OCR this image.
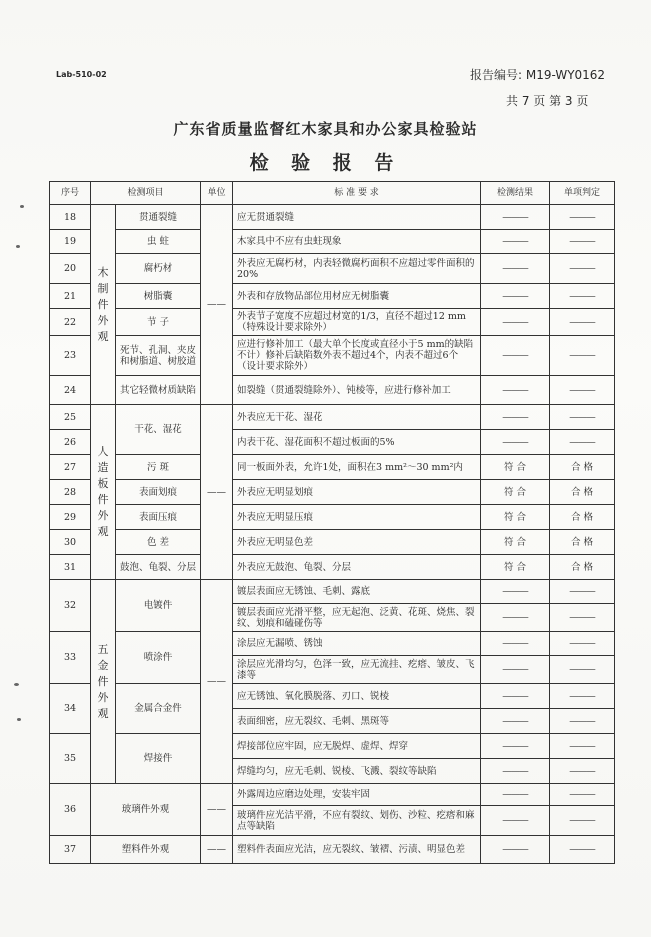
Lab-510-02	报告编号: M19-WY0162
共 7 页 第 3 页
广东省质量监督红木家具和办公家具检验站
检 验 报 告
序号	检测项目		单位	标 准 要 求	检测结果	单项判定
18	木制件外观	贯通裂缝	——	应无贯通裂缝	———	———
19		虫 蛀		木家具中不应有虫蛀现象	———	———
20		腐朽材		外表应无腐朽材，内表轻微腐朽面积不应超过零件面积的20%	———	———
21		树脂囊		外表和存放物品部位用材应无树脂囊	———	———
22		节 子		外表节子宽度不应超过材宽的1/3，直径不超过12 mm（特殊设计要求除外）	———	———
23		死节、孔洞、夹皮和树脂道、树胶道		应进行修补加工（最大单个长度或直径小于5 mm的缺陷不计）修补后缺陷数外表不超过4个，内表不超过6个（设计要求除外）	———	———
24		其它轻微材质缺陷		如裂缝（贯通裂缝除外）、钝棱等，应进行修补加工	———	———
25	人造板件外观	干花、湿花	——	外表应无干花、湿花	———	———
26				内表干花、湿花面积不超过板面的5%	———	———
27		污 斑		同一板面外表，允许1处，面积在3 mm²～30 mm²内	符 合	合 格
28		表面划痕		外表应无明显划痕	符 合	合 格
29		表面压痕		外表应无明显压痕	符 合	合 格
30		色 差		外表应无明显色差	符 合	合 格
31		鼓泡、龟裂、分层		外表应无鼓泡、龟裂、分层	符 合	合 格
32	五金件外观	电镀件	——	镀层表面应无锈蚀、毛刺、露底	———	———
				镀层表面应光滑平整，应无起泡、泛黄、花斑、烧焦、裂纹、划痕和磕碰伤等	———	———
33		喷涂件		涂层应无漏喷、锈蚀	———	———
				涂层应光滑均匀，色泽一致，应无流挂、疙瘩、皱皮、飞漆等	———	———
34		金属合金件		应无锈蚀、氧化膜脱落、刃口、锐棱	———	———
				表面细密，应无裂纹、毛刺、黑斑等	———	———
35		焊接件		焊接部位应牢固，应无脱焊、虚焊、焊穿	———	———
				焊缝均匀，应无毛刺、锐棱、飞溅、裂纹等缺陷	———	———
36	玻璃件外观		——	外露周边应磨边处理，安装牢固	———	———
				玻璃件应光洁平滑，不应有裂纹、划伤、沙粒、疙瘩和麻点等缺陷	———	———
37	塑料件外观		——	塑料件表面应光洁，应无裂纹、皱褶、污渍、明显色差	———	———
